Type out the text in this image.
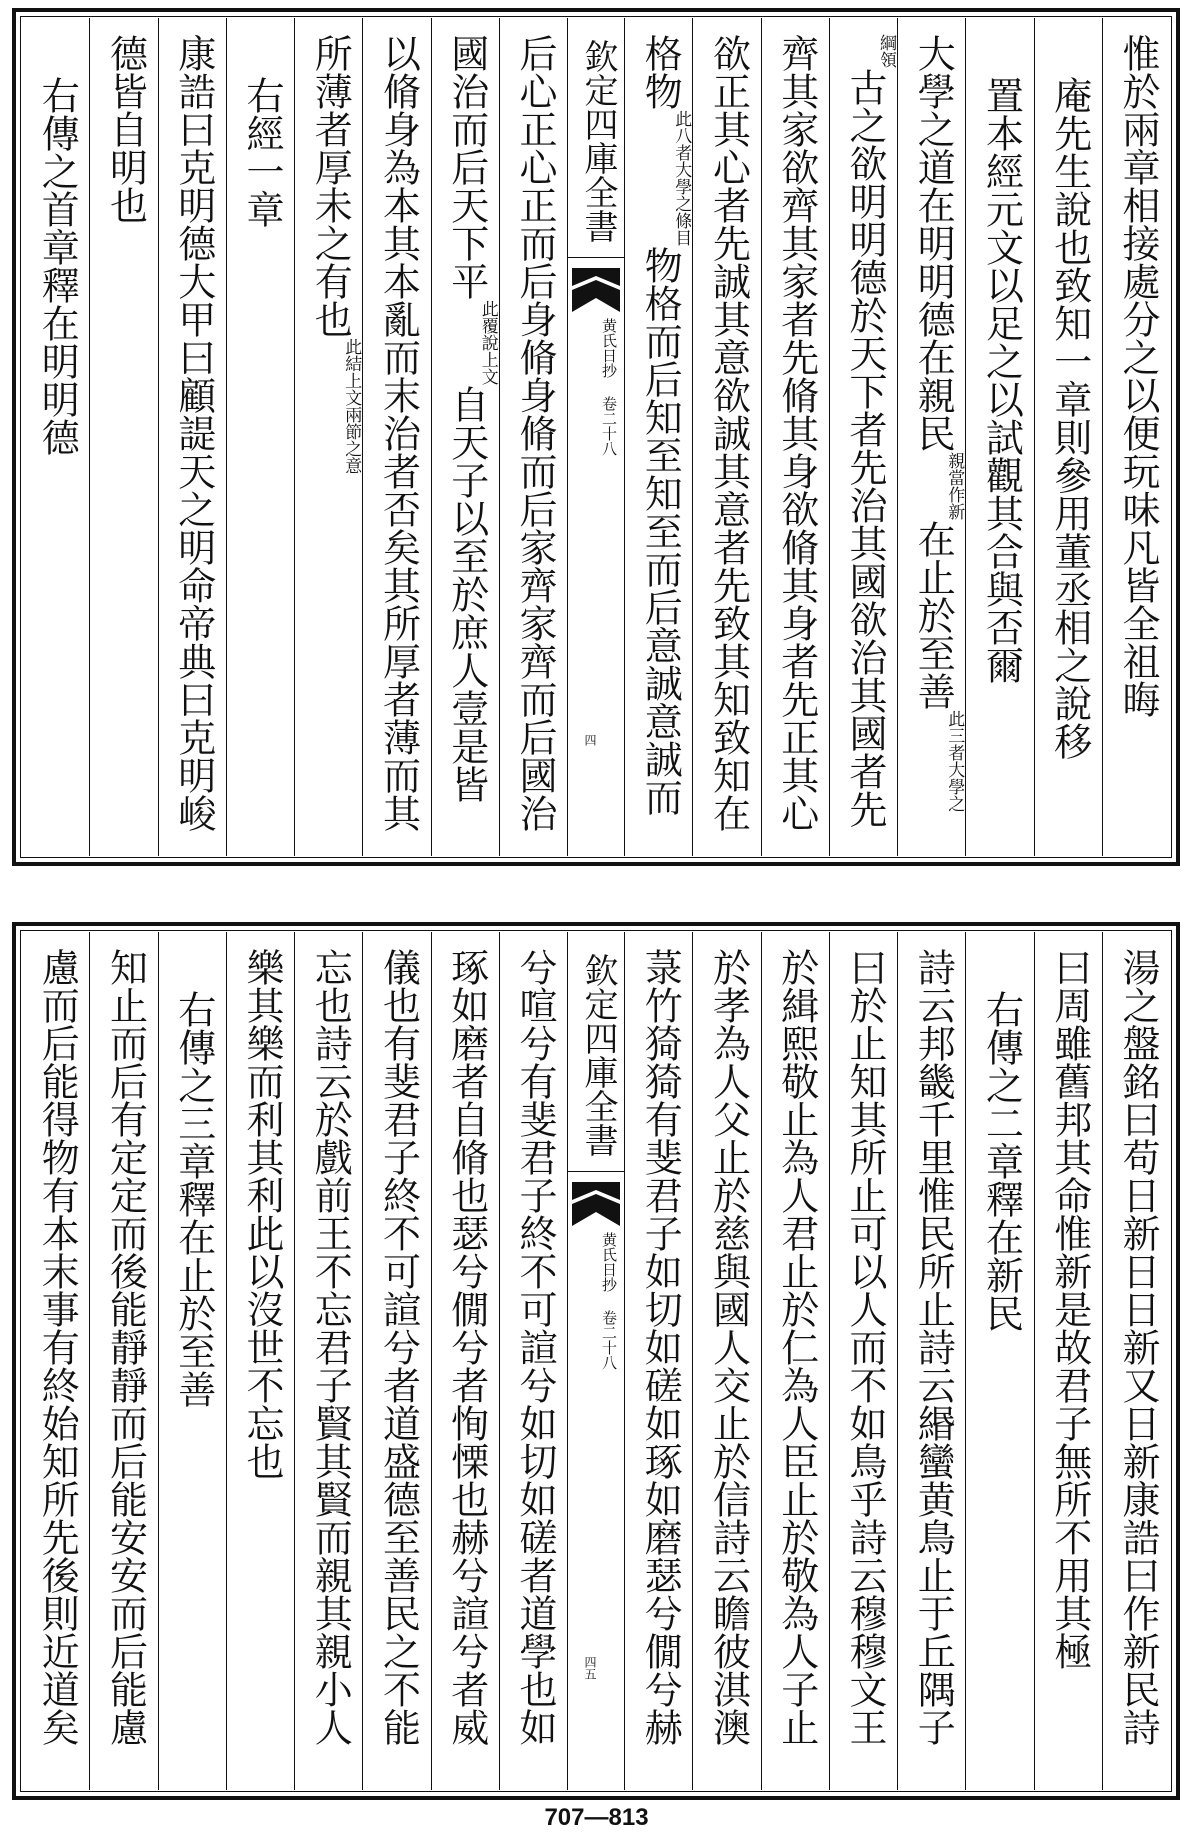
惟於兩章相接處分之以便玩味凡皆全祖晦
庵先生說也致知一章則參用董丞相之說移
置本經元文以足之以試觀其合與否爾
大學之道在明明德在親民親當作新在止於至善此三者大學之
綱領古之欲明明德於天下者先治其國欲治其國者先
齊其家欲齊其家者先脩其身欲脩其身者先正其心
欲正其心者先誠其意欲誠其意者先致其知致知在
格物此八者大學之條目物格而后知至知至而后意誠意誠而
欽定四庫全書
黄氏日抄 卷二十八
四
后心正心正而后身脩身脩而后家齊家齊而后國治
國治而后天下平此覆說上文自天子以至於庶人壹是皆
以脩身為本其本亂而末治者否矣其所厚者薄而其
所薄者厚未之有也此結上文兩節之意
右經一章
康誥曰克明德大甲曰顧諟天之明命帝典曰克明峻
德皆自明也
右傳之首章釋在明明德
湯之盤銘曰苟日新日日新又日新康誥曰作新民詩
曰周雖舊邦其命惟新是故君子無所不用其極
右傳之二章釋在新民
詩云邦畿千里惟民所止詩云緡蠻黄鳥止于丘隅子
曰於止知其所止可以人而不如鳥乎詩云穆穆文王
於緝熙敬止為人君止於仁為人臣止於敬為人子止
於孝為人父止於慈與國人交止於信詩云瞻彼淇澳
菉竹猗猗有斐君子如切如磋如琢如磨瑟兮僩兮赫
欽定四庫全書
黄氏日抄 卷二十八
四五
兮喧兮有斐君子終不可諠兮如切如磋者道學也如
琢如磨者自脩也瑟兮僩兮者恂慄也赫兮諠兮者威
儀也有斐君子終不可諠兮者道盛德至善民之不能
忘也詩云於戲前王不忘君子賢其賢而親其親小人
樂其樂而利其利此以沒世不忘也
右傳之三章釋在止於至善
知止而后有定定而後能靜靜而后能安安而后能慮
慮而后能得物有本末事有終始知所先後則近道矣
707—813
